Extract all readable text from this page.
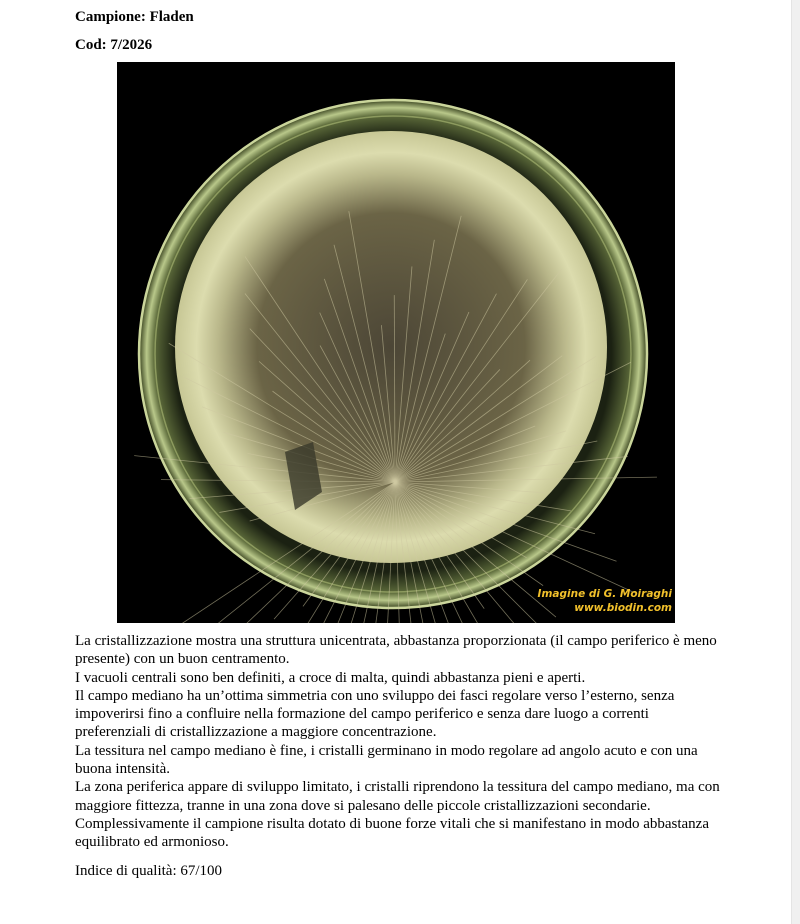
Campione: Fladen
Cod: 7/2026
Imagine di G. Moiraghi
www.biodin.com

La cristallizzazione mostra una struttura unicentrata, abbastanza proporzionata (il campo periferico è meno presente) con un buon centramento.

I vacuoli centrali sono ben definiti, a croce di malta, quindi abbastanza pieni e aperti.

Il campo mediano ha un’ottima simmetria con uno sviluppo dei fasci regolare verso l’esterno, senza impoverirsi fino a confluire nella formazione del campo periferico e senza dare luogo a correnti preferenziali di cristallizzazione a maggiore concentrazione.

La tessitura nel campo mediano è fine, i cristalli germinano in modo regolare ad angolo acuto e con una buona intensità.

La zona periferica appare di sviluppo limitato, i cristalli riprendono la tessitura del campo mediano, ma con maggiore fittezza, tranne in una zona dove si palesano delle piccole cristallizzazioni secondarie.

Complessivamente il campione risulta dotato di buone forze vitali che si manifestano in modo abbastanza equilibrato ed armonioso.

Indice di qualità: 67/100
